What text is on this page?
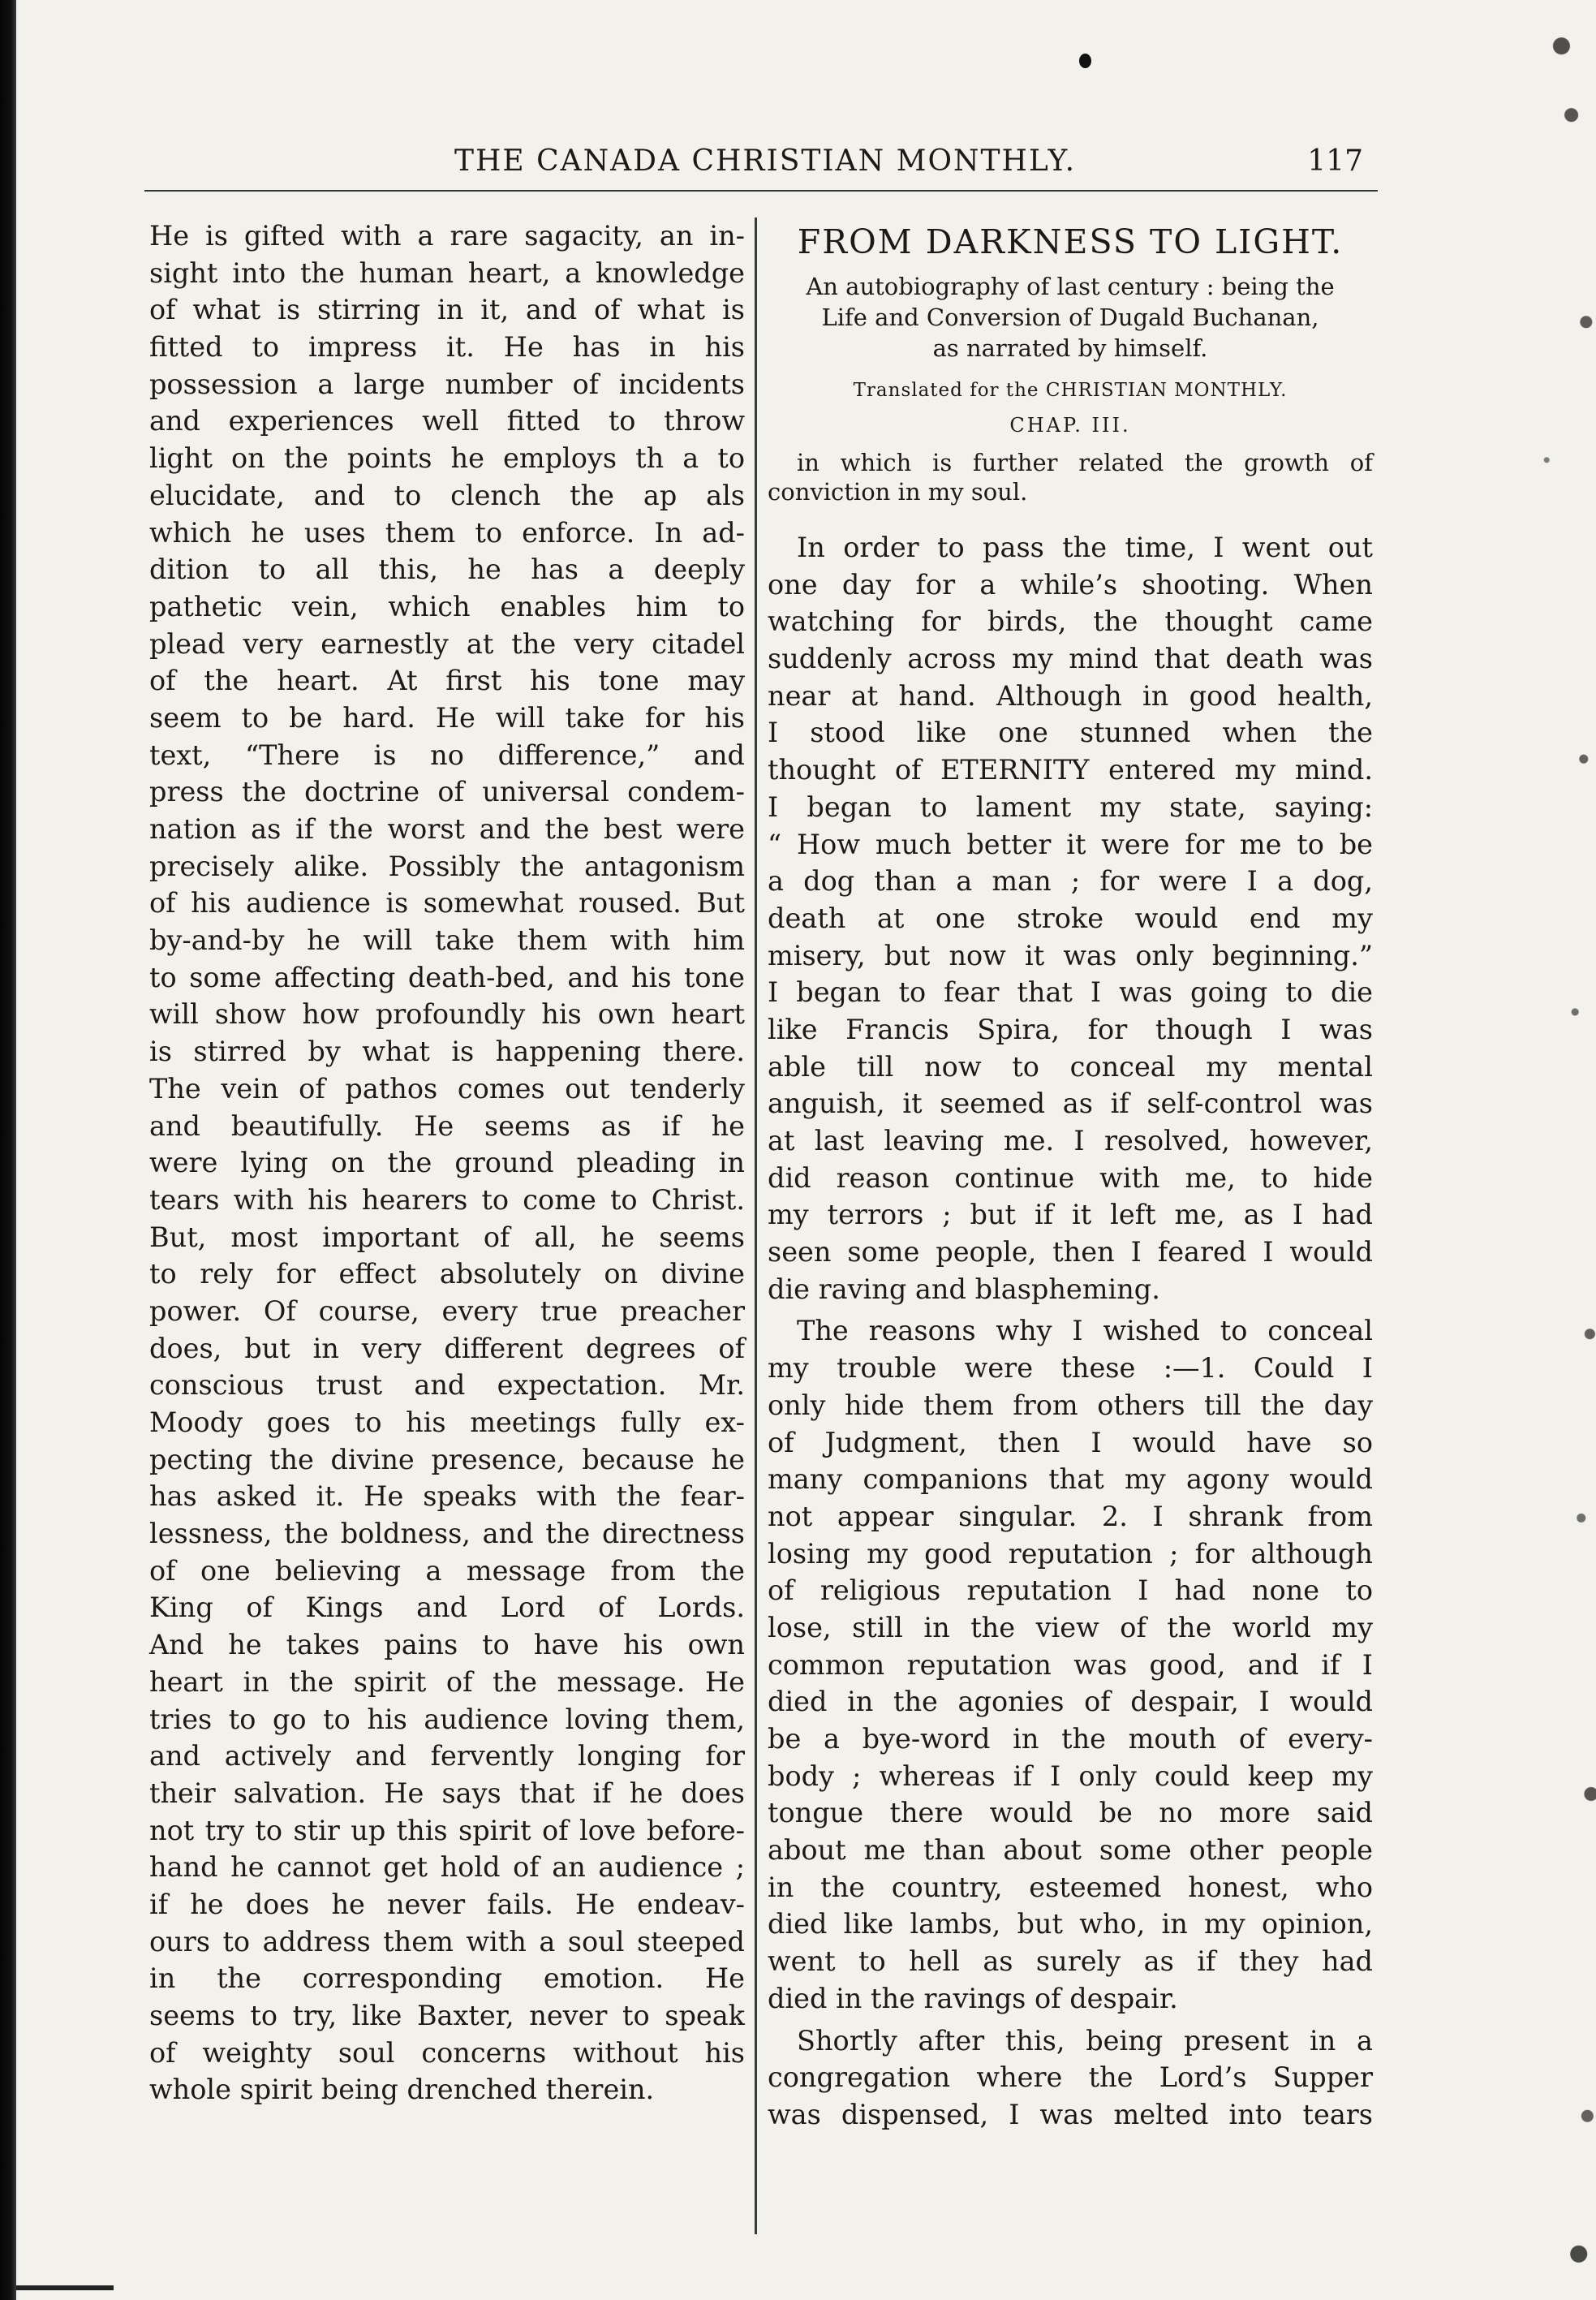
THE CANADA CHRISTIAN MONTHLY.	117
He is gifted with a rare sagacity, an in-
sight into the human heart, a knowledge
of what is stirring in it, and of what is
fitted to impress it. He has in his
possession a large number of incidents
and experiences well fitted to throw
light on the points he employs th a to
elucidate, and to clench the ap als
which he uses them to enforce. In ad-
dition to all this, he has a deeply
pathetic vein, which enables him to
plead very earnestly at the very citadel
of the heart. At first his tone may
seem to be hard. He will take for his
text, “There is no difference,” and
press the doctrine of universal condem-
nation as if the worst and the best were
precisely alike. Possibly the antagonism
of his audience is somewhat roused. But
by-and-by he will take them with him
to some affecting death-bed, and his tone
will show how profoundly his own heart
is stirred by what is happening there.
The vein of pathos comes out tenderly
and beautifully. He seems as if he
were lying on the ground pleading in
tears with his hearers to come to Christ.
But, most important of all, he seems
to rely for effect absolutely on divine
power. Of course, every true preacher
does, but in very different degrees of
conscious trust and expectation. Mr.
Moody goes to his meetings fully ex-
pecting the divine presence, because he
has asked it. He speaks with the fear-
lessness, the boldness, and the directness
of one believing a message from the
King of Kings and Lord of Lords.
And he takes pains to have his own
heart in the spirit of the message. He
tries to go to his audience loving them,
and actively and fervently longing for
their salvation. He says that if he does
not try to stir up this spirit of love before-
hand he cannot get hold of an audience ;
if he does he never fails. He endeav-
ours to address them with a soul steeped
in the corresponding emotion. He
seems to try, like Baxter, never to speak
of weighty soul concerns without his
whole spirit being drenched therein.
FROM DARKNESS TO LIGHT.
An autobiography of last century : being the
Life and Conversion of Dugald Buchanan,
as narrated by himself.
Translated for the CHRISTIAN MONTHLY.
CHAP. III.
in which is further related the growth of
conviction in my soul.
In order to pass the time, I went out
one day for a while’s shooting. When
watching for birds, the thought came
suddenly across my mind that death was
near at hand. Although in good health,
I stood like one stunned when the
thought of ETERNITY entered my mind.
I began to lament my state, saying:
“ How much better it were for me to be
a dog than a man ; for were I a dog,
death at one stroke would end my
misery, but now it was only beginning.”
I began to fear that I was going to die
like Francis Spira, for though I was
able till now to conceal my mental
anguish, it seemed as if self-control was
at last leaving me. I resolved, however,
did reason continue with me, to hide
my terrors ; but if it left me, as I had
seen some people, then I feared I would
die raving and blaspheming.
The reasons why I wished to conceal
my trouble were these :—1. Could I
only hide them from others till the day
of Judgment, then I would have so
many companions that my agony would
not appear singular. 2. I shrank from
losing my good reputation ; for although
of religious reputation I had none to
lose, still in the view of the world my
common reputation was good, and if I
died in the agonies of despair, I would
be a bye-word in the mouth of every-
body ; whereas if I only could keep my
tongue there would be no more said
about me than about some other people
in the country, esteemed honest, who
died like lambs, but who, in my opinion,
went to hell as surely as if they had
died in the ravings of despair.
Shortly after this, being present in a
congregation where the Lord’s Supper
was dispensed, I was melted into tears
